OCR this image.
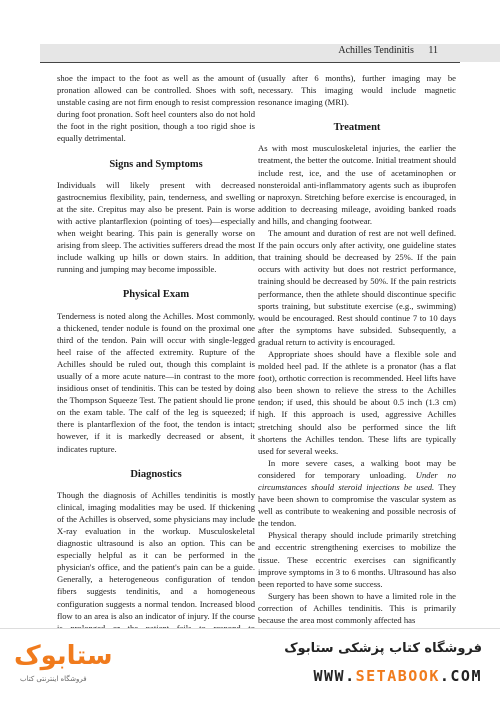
Achilles Tendinitis 11

shoe the impact to the foot as well as the amount of pronation allowed can be controlled. Shoes with soft, unstable casing are not firm enough to resist compression during foot pronation. Soft heel counters also do not hold the foot in the right position, though a too rigid shoe is equally detrimental.

Signs and Symptoms

Individuals will likely present with decreased gastrocnemius flexibility, pain, tenderness, and swelling at the site. Crepitus may also be present. Pain is worse with active plantarflexion (pointing of toes)—especially when weight bearing. This pain is generally worse on arising from sleep. The activities sufferers dread the most include walking up hills or down stairs. In addition, running and jumping may become impossible.

Physical Exam

Tenderness is noted along the Achilles. Most commonly, a thickened, tender nodule is found on the proximal one third of the tendon. Pain will occur with single-legged heel raise of the affected extremity. Rupture of the Achilles should be ruled out, though this complaint is usually of a more acute nature—in contrast to the more insidious onset of tendinitis. This can be tested by doing the Thompson Squeeze Test. The patient should lie prone on the exam table. The calf of the leg is squeezed; if there is plantarflexion of the foot, the tendon is intact; however, if it is markedly decreased or absent, it indicates rupture.

Diagnostics

Though the diagnosis of Achilles tendinitis is mostly clinical, imaging modalities may be used. If thickening of the Achilles is observed, some physicians may include X-ray evaluation in the workup. Musculoskeletal diagnostic ultrasound is also an option. This can be especially helpful as it can be performed in the physician's office, and the patient's pain can be a guide. Generally, a heterogeneous configuration of tendon fibers suggests tendinitis, and a homogeneous configuration suggests a normal tendon. Increased blood flow to an area is also an indicator of injury. If the course

(usually after 6 months), further imaging may be necessary. This imaging would include magnetic resonance imaging (MRI).

Treatment

As with most musculoskeletal injuries, the earlier the treatment, the better the outcome. Initial treatment should include rest, ice, and the use of acetaminophen or nonsteroidal anti-inflammatory agents such as ibuprofen or naproxyn. Stretching before exercise is encouraged, in addition to decreasing mileage, avoiding banked roads and hills, and changing footwear.

The amount and duration of rest are not well defined. If the pain occurs only after activity, one guideline states that training should be decreased by 25%. If the pain occurs with activity but does not restrict performance, training should be decreased by 50%. If the pain restricts performance, then the athlete should discontinue specific sports training, but substitute exercise (e.g., swimming) would be encouraged. Rest should continue 7 to 10 days after the symptoms have subsided. Subsequently, a gradual return to activity is encouraged.

Appropriate shoes should have a flexible sole and molded heel pad. If the athlete is a pronator (has a flat foot), orthotic correction is recommended. Heel lifts have also been shown to relieve the stress to the Achilles tendon; if used, this should be about 0.5 inch (1.3 cm) high. If this approach is used, aggressive Achilles stretching should also be performed since the lift shortens the Achilles tendon. These lifts are typically used for several weeks.

In more severe cases, a walking boot may be considered for temporary unloading. Under no circumstances should steroid injections be used. They have been shown to compromise the vascular system as well as contribute to weakening and possible necrosis of the tendon.

Physical therapy should include primarily stretching and eccentric strengthening exercises to mobilize the tissue. These eccentric exercises can significantly improve symptoms in 3 to 6 months. Ultrasound has also been reported to have some success.

Surgery has been shown to have a limited role in the correction of Achilles tendinitis. This is primarily because the area most commonly affected has

ستابوک
فروشگاه اینترنتی کتاب
فروشگاه کتاب پزشکی ستابوک
WWW.SETABOOK.COM
